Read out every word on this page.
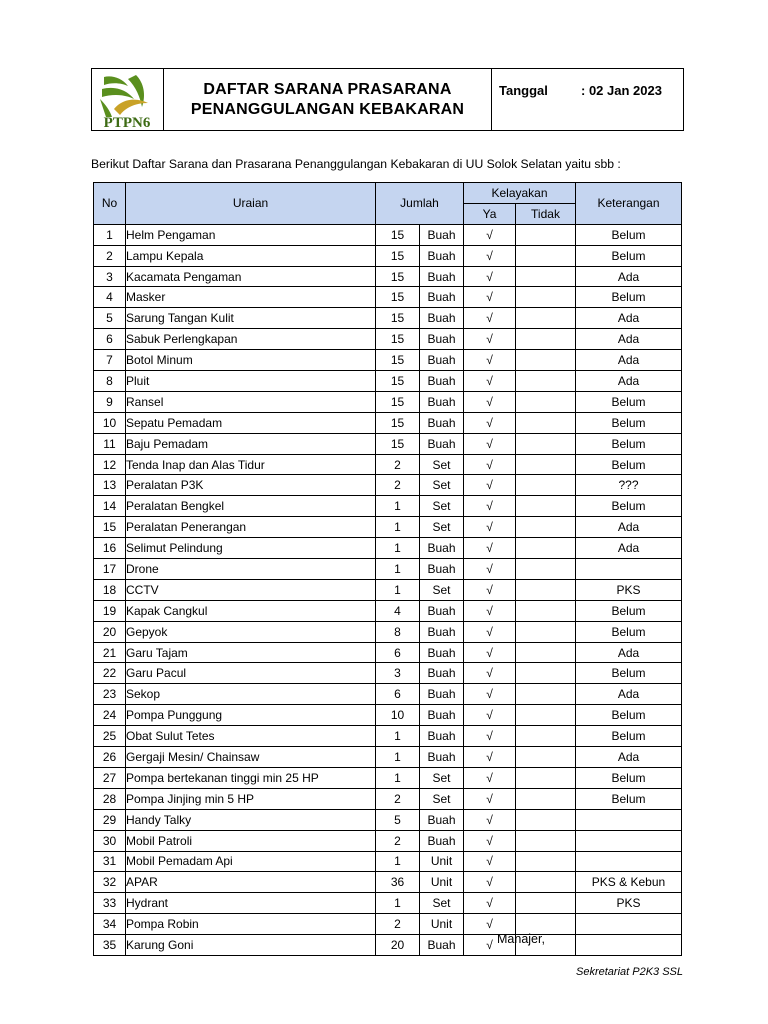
PTPN6
DAFTAR SARANA PRASARANA
PENANGGULANGAN KEBAKARAN
Tanggal	: 02 Jan 2023
Berikut Daftar Sarana dan Prasarana Penanggulangan Kebakaran di UU Solok Selatan yaitu sbb :
No	Uraian	Jumlah		Kelayakan		Keterangan
				Ya	Tidak	
1	Helm Pengaman	15	Buah	√		Belum
2	Lampu Kepala	15	Buah	√		Belum
3	Kacamata Pengaman	15	Buah	√		Ada
4	Masker	15	Buah	√		Belum
5	Sarung Tangan Kulit	15	Buah	√		Ada
6	Sabuk Perlengkapan	15	Buah	√		Ada
7	Botol Minum	15	Buah	√		Ada
8	Pluit	15	Buah	√		Ada
9	Ransel	15	Buah	√		Belum
10	Sepatu Pemadam	15	Buah	√		Belum
11	Baju Pemadam	15	Buah	√		Belum
12	Tenda Inap dan Alas Tidur	2	Set	√		Belum
13	Peralatan P3K	2	Set	√		???
14	Peralatan Bengkel	1	Set	√		Belum
15	Peralatan Penerangan	1	Set	√		Ada
16	Selimut Pelindung	1	Buah	√		Ada
17	Drone	1	Buah	√		
18	CCTV	1	Set	√		PKS
19	Kapak Cangkul	4	Buah	√		Belum
20	Gepyok	8	Buah	√		Belum
21	Garu Tajam	6	Buah	√		Ada
22	Garu Pacul	3	Buah	√		Belum
23	Sekop	6	Buah	√		Ada
24	Pompa Punggung	10	Buah	√		Belum
25	Obat Sulut Tetes	1	Buah	√		Belum
26	Gergaji Mesin/ Chainsaw	1	Buah	√		Ada
27	Pompa bertekanan tinggi min 25 HP	1	Set	√		Belum
28	Pompa Jinjing min 5 HP	2	Set	√		Belum
29	Handy Talky	5	Buah	√		
30	Mobil Patroli	2	Buah	√		
31	Mobil Pemadam Api	1	Unit	√		
32	APAR	36	Unit	√		PKS & Kebun
33	Hydrant	1	Set	√		PKS
34	Pompa Robin	2	Unit	√		
35	Karung Goni	20	Buah	√		Manajer,
Sekretariat P2K3 SSL
